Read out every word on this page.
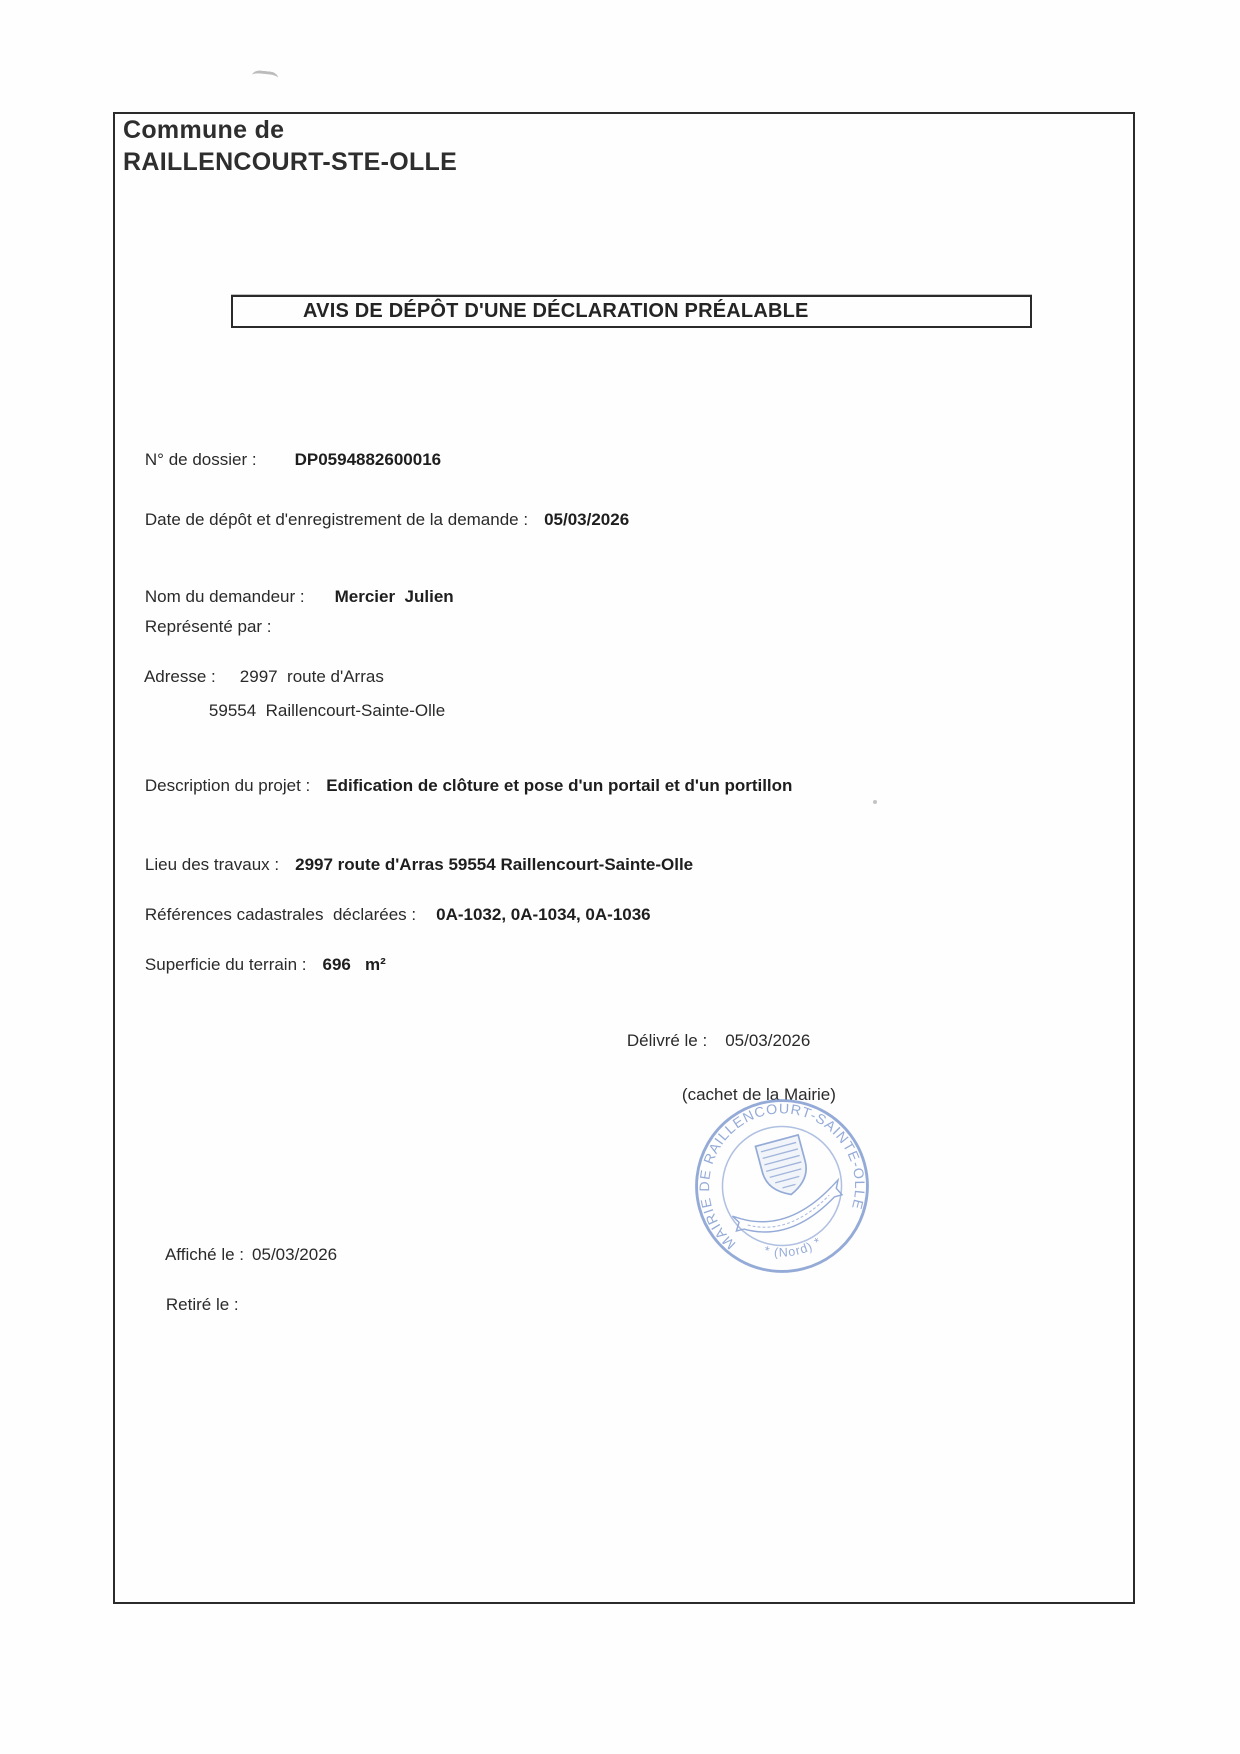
Commune de
RAILLENCOURT-STE-OLLE
AVIS DE DÉPÔT D'UNE DÉCLARATION PRÉALABLE

N° de dossier : DP0594882600016

Date de dépôt et d'enregistrement de la demande : 05/03/2026

Nom du demandeur : Mercier  Julien

Représenté par :

Adresse : 2997  route d'Arras

59554  Raillencourt-Sainte-Olle

Description du projet : Edification de clôture et pose d'un portail et d'un portillon

Lieu des travaux : 2997 route d'Arras 59554 Raillencourt-Sainte-Olle

Références cadastrales  déclarées : 0A-1032, 0A-1034, 0A-1036

Superficie du terrain : 696   m²

Délivré le : 05/03/2026

(cachet de la Mairie)

MAIRIE DE RAILLENCOURT-SAINTE-OLLE
* (Nord) *

Affiché le : 05/03/2026

Retiré le :
